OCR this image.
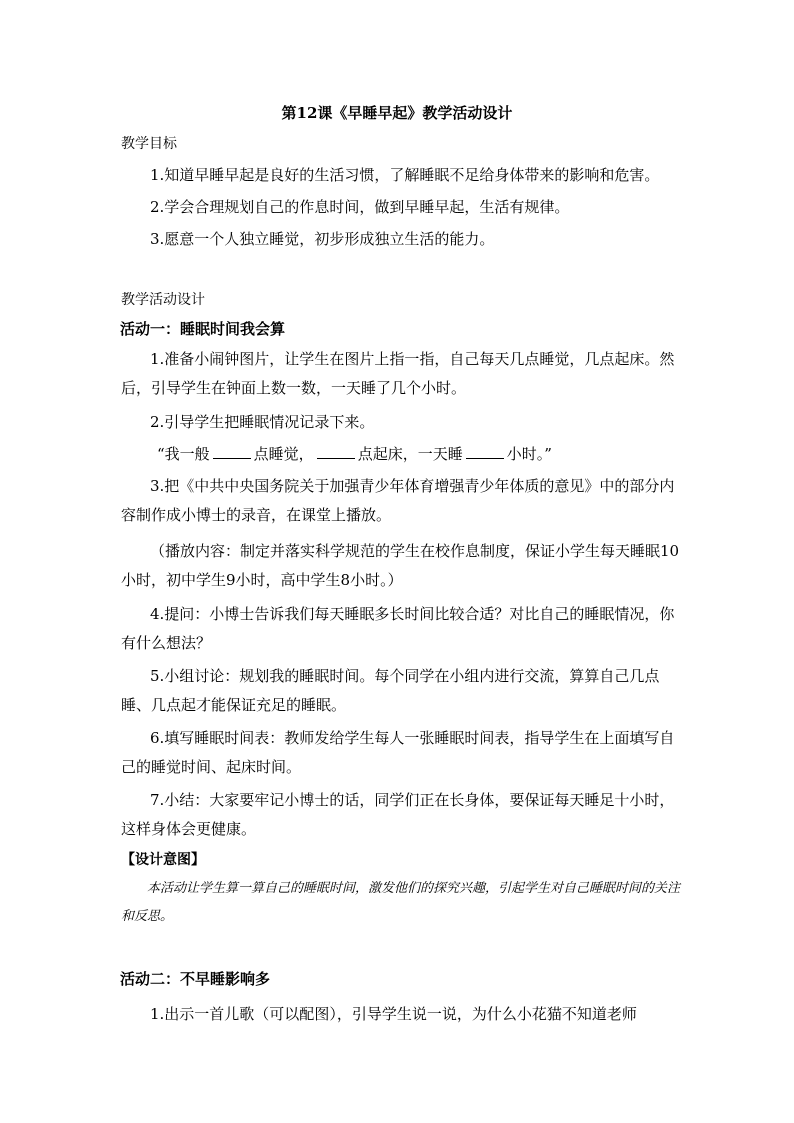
第12课《早睡早起》教学活动设计
教学目标
1.知道早睡早起是良好的生活习惯，了解睡眠不足给身体带来的影响和危害。
2.学会合理规划自己的作息时间，做到早睡早起，生活有规律。
3.愿意一个人独立睡觉，初步形成独立生活的能力。
教学活动设计
活动一：睡眠时间我会算
1.准备小闹钟图片，让学生在图片上指一指，自己每天几点睡觉，几点起床。然后，引导学生在钟面上数一数，一天睡了几个小时。
2.引导学生把睡眠情况记录下来。
“我一般	点睡觉，	点起床，一天睡	小时。”
3.把《中共中央国务院关于加强青少年体育增强青少年体质的意见》中的部分内容制作成小博士的录音，在课堂上播放。
（播放内容：制定并落实科学规范的学生在校作息制度，保证小学生每天睡眠10小时，初中学生9小时，高中学生8小时。）
4.提问：小博士告诉我们每天睡眠多长时间比较合适？对比自己的睡眠情况，你有什么想法？
5.小组讨论：规划我的睡眠时间。每个同学在小组内进行交流，算算自己几点睡、几点起才能保证充足的睡眠。
6.填写睡眠时间表：教师发给学生每人一张睡眠时间表，指导学生在上面填写自己的睡觉时间、起床时间。
7.小结：大家要牢记小博士的话，同学们正在长身体，要保证每天睡足十小时，这样身体会更健康。
【设计意图】
本活动让学生算一算自己的睡眠时间，激发他们的探究兴趣，引起学生对自己睡眠时间的关注和反思。
活动二：不早睡影响多
1.出示一首儿歌（可以配图），引导学生说一说，为什么小花猫不知道老师
